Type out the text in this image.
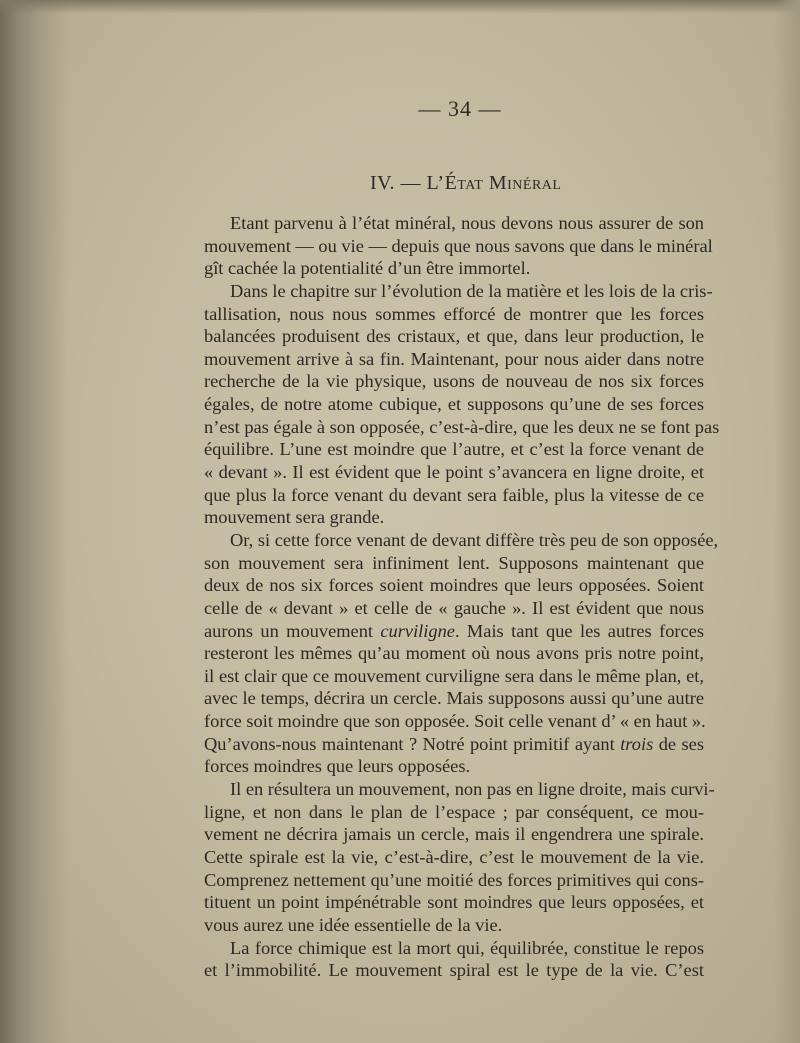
— 34 —
IV. — L’État Minéral
Etant parvenu à l’état minéral, nous devons nous assurer de son
mouvement — ou vie — depuis que nous savons que dans le minéral
gît cachée la potentialité d’un être immortel.
Dans le chapitre sur l’évolution de la matière et les lois de la cris-
tallisation, nous nous sommes efforcé de montrer que les forces
balancées produisent des cristaux, et que, dans leur production, le
mouvement arrive à sa fin. Maintenant, pour nous aider dans notre
recherche de la vie physique, usons de nouveau de nos six forces
égales, de notre atome cubique, et supposons qu’une de ses forces
n’est pas égale à son opposée, c’est-à-dire, que les deux ne se font pas
équilibre. L’une est moindre que l’autre, et c’est la force venant de
« devant ». Il est évident que le point s’avancera en ligne droite, et
que plus la force venant du devant sera faible, plus la vitesse de ce
mouvement sera grande.
Or, si cette force venant de devant diffère très peu de son opposée,
son mouvement sera infiniment lent. Supposons maintenant que
deux de nos six forces soient moindres que leurs opposées. Soient
celle de « devant » et celle de « gauche ». Il est évident que nous
aurons un mouvement curviligne. Mais tant que les autres forces
resteront les mêmes qu’au moment où nous avons pris notre point,
il est clair que ce mouvement curviligne sera dans le même plan, et,
avec le temps, décrira un cercle. Mais supposons aussi qu’une autre
force soit moindre que son opposée. Soit celle venant d’ « en haut ».
Qu’avons-nous maintenant ? Notré point primitif ayant trois de ses
forces moindres que leurs opposées.
Il en résultera un mouvement, non pas en ligne droite, mais curvi-
ligne, et non dans le plan de l’espace ; par conséquent, ce mou-
vement ne décrira jamais un cercle, mais il engendrera une spirale.
Cette spirale est la vie, c’est-à-dire, c’est le mouvement de la vie.
Comprenez nettement qu’une moitié des forces primitives qui cons-
tituent un point impénétrable sont moindres que leurs opposées, et
vous aurez une idée essentielle de la vie.
La force chimique est la mort qui, équilibrée, constitue le repos
et l’immobilité. Le mouvement spiral est le type de la vie. C’est
